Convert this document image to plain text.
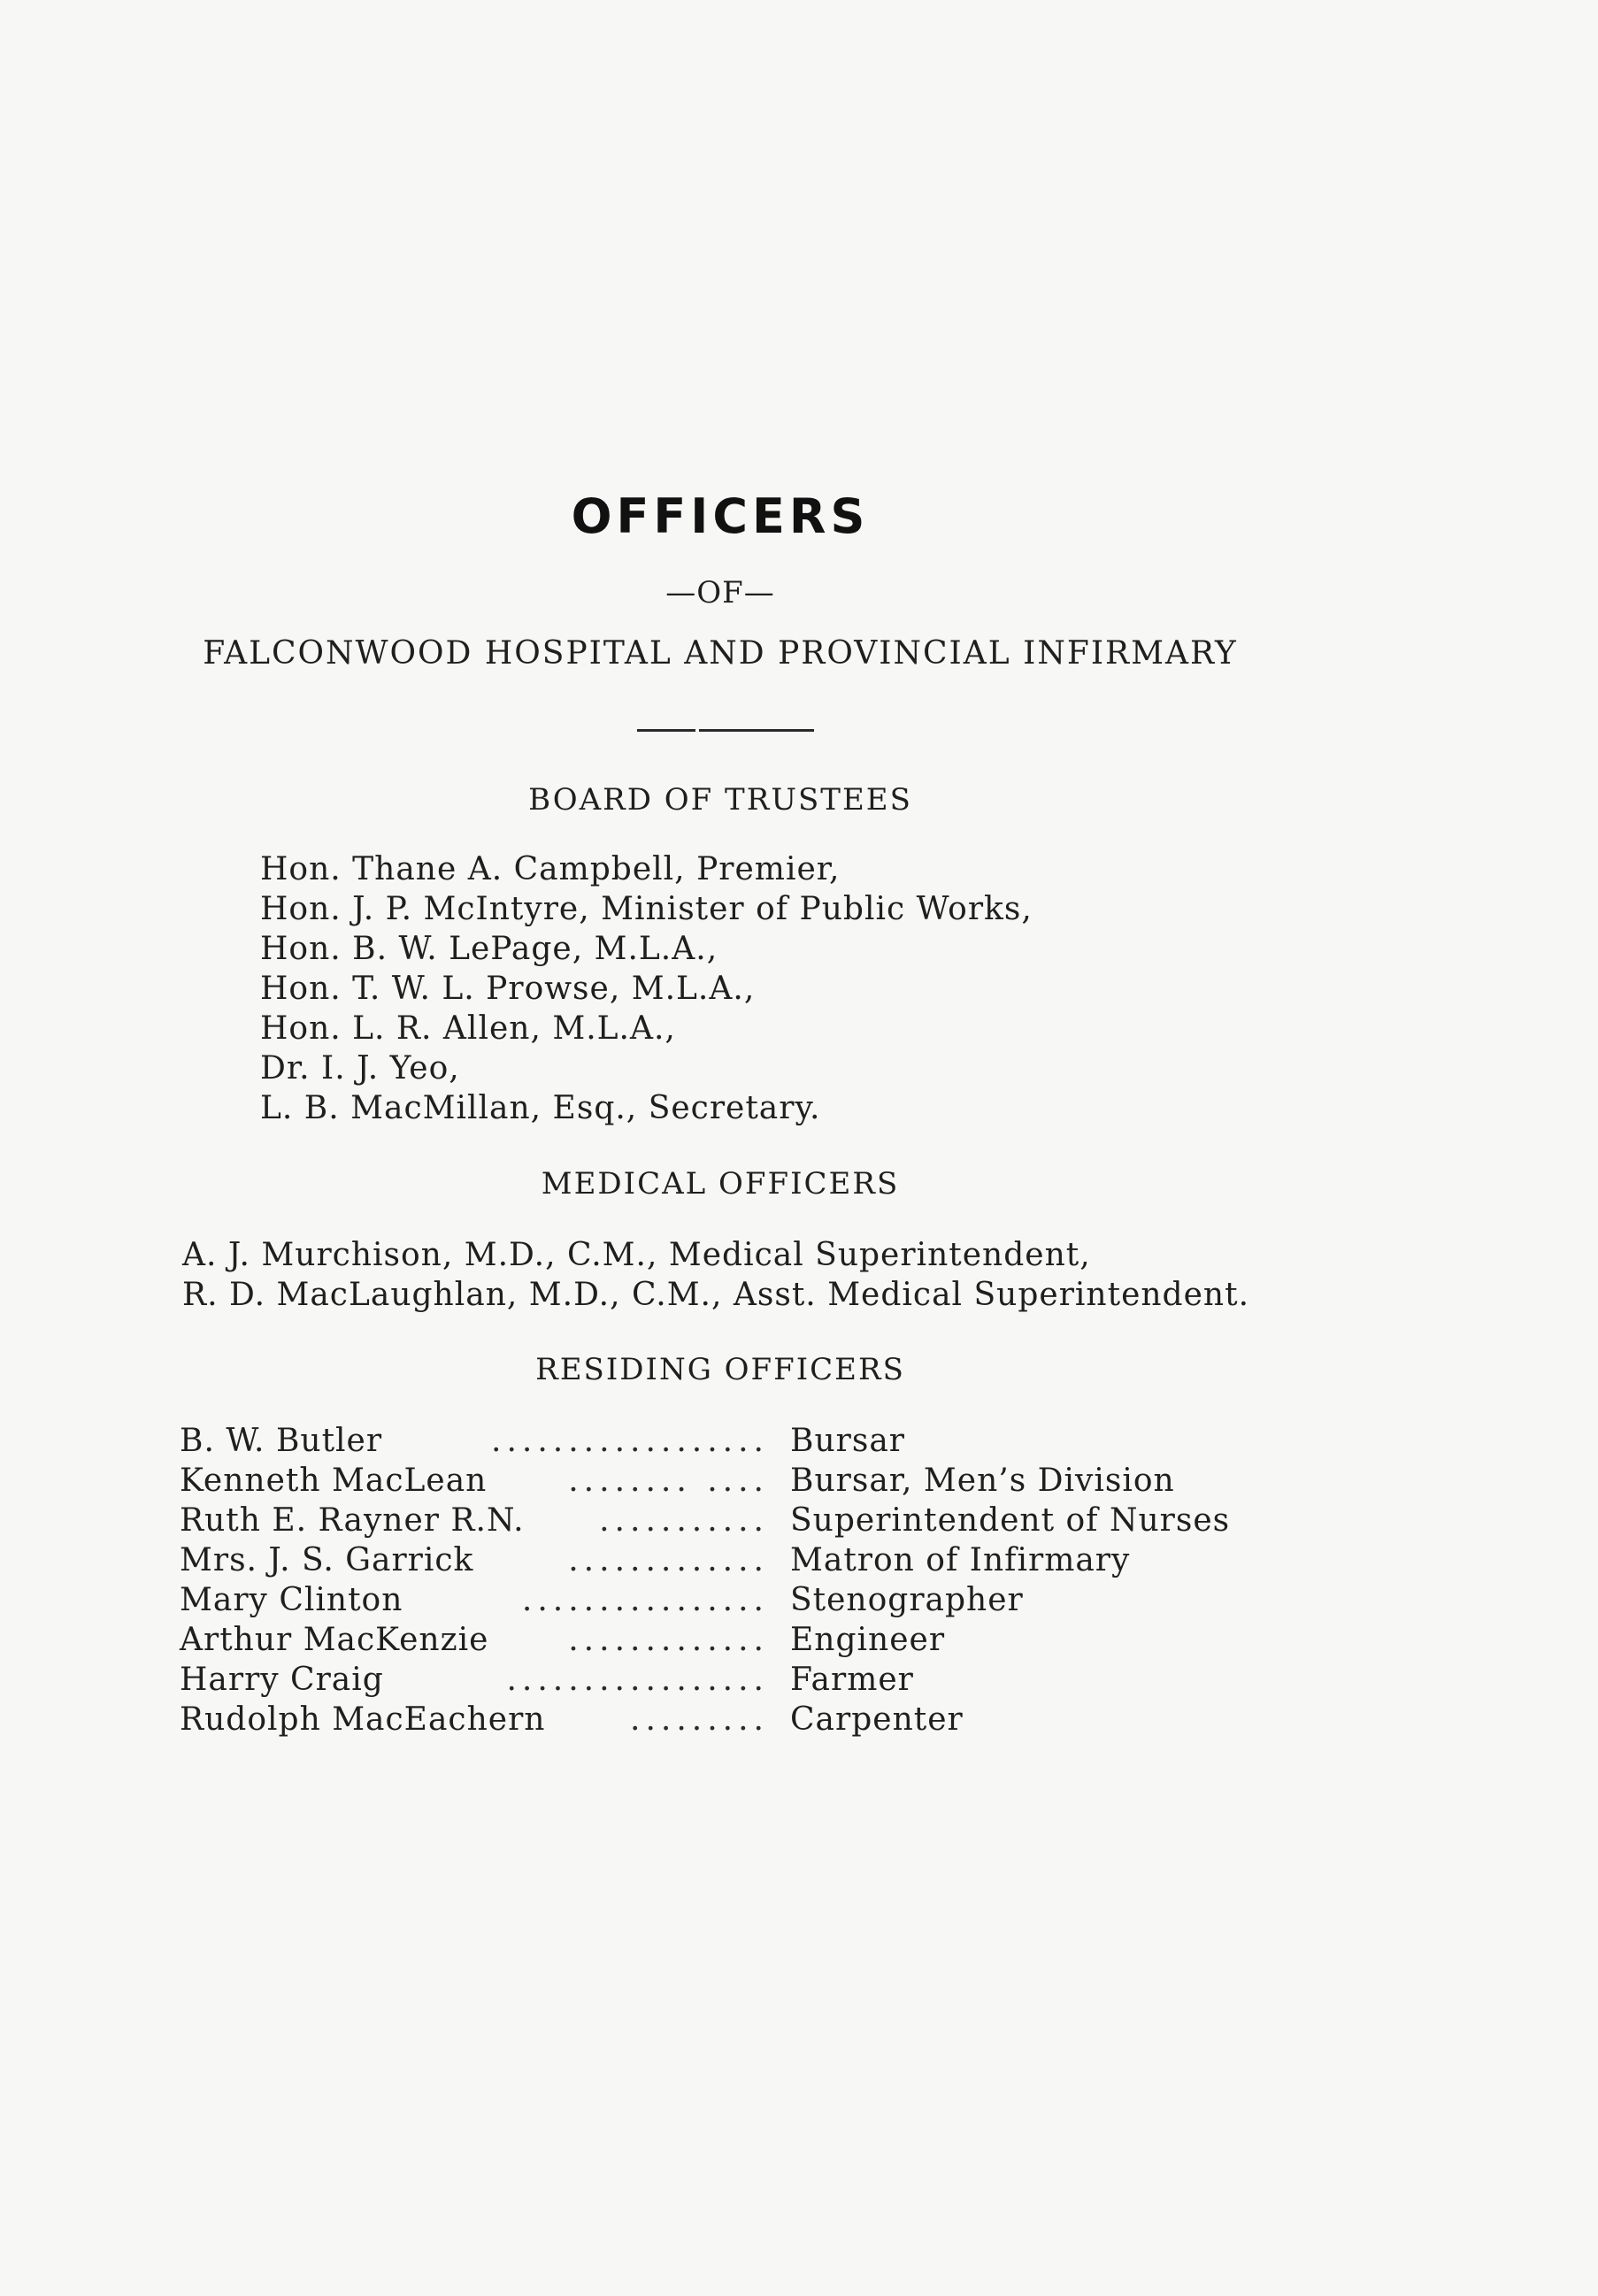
OFFICERS
—OF—
FALCONWOOD HOSPITAL AND PROVINCIAL INFIRMARY
BOARD OF TRUSTEES
Hon. Thane A. Campbell, Premier,
Hon. J. P. McIntyre, Minister of Public Works,
Hon. B. W. LePage, M.L.A.,
Hon. T. W. L. Prowse, M.L.A.,
Hon. L. R. Allen, M.L.A.,
Dr. I. J. Yeo,
L. B. MacMillan, Esq., Secretary.
MEDICAL OFFICERS
A. J. Murchison, M.D., C.M., Medical Superintendent,
R. D. MacLaughlan, M.D., C.M., Asst. Medical Superintendent.
RESIDING OFFICERS
B. W. Butler	.................. Bursar
Kenneth MacLean	........ .... Bursar, Men’s Division
Ruth E. Rayner R.N. ........... Superintendent of Nurses
Mrs. J. S. Garrick	............. Matron of Infirmary
Mary Clinton	................ Stenographer
Arthur MacKenzie ............. Engineer
Harry Craig	................. Farmer
Rudolph MacEachern	......... Carpenter
